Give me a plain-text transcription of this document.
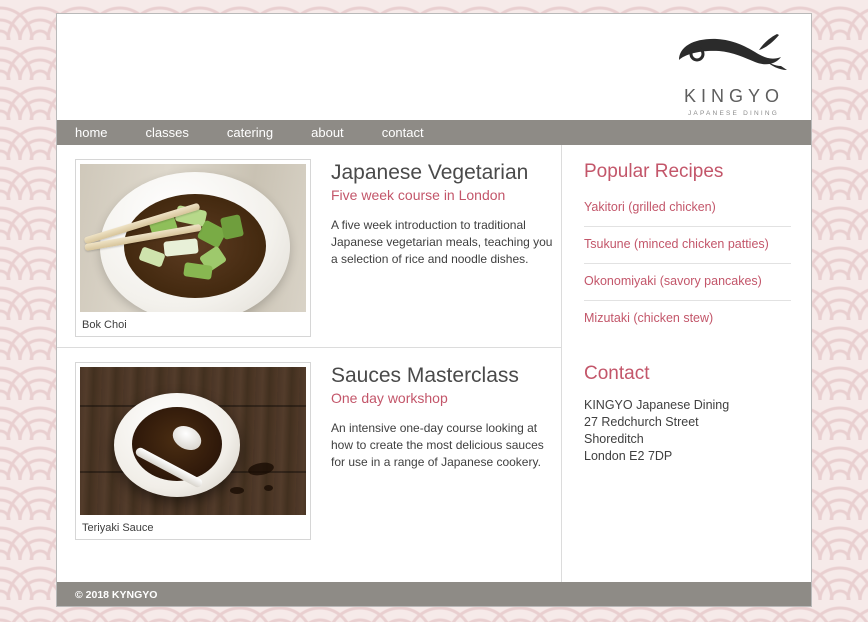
KINGYO
JAPANESE DINING
home	classes	catering	about	contact
Bok Choi
Japanese Vegetarian
Five week course in London

A five week introduction to traditional Japanese vegetarian meals, teaching you a selection of rice and noodle dishes.

Teriyaki Sauce
Sauces Masterclass
One day workshop

An intensive one-day course looking at how to create the most delicious sauces for use in a range of Japanese cookery.

Popular Recipes
Yakitori (grilled chicken)
Tsukune (minced chicken patties)
Okonomiyaki (savory pancakes)
Mizutaki (chicken stew)
Contact
KINGYO Japanese Dining
27 Redchurch Street
Shoreditch
London E2 7DP
© 2018 KYNGYO
